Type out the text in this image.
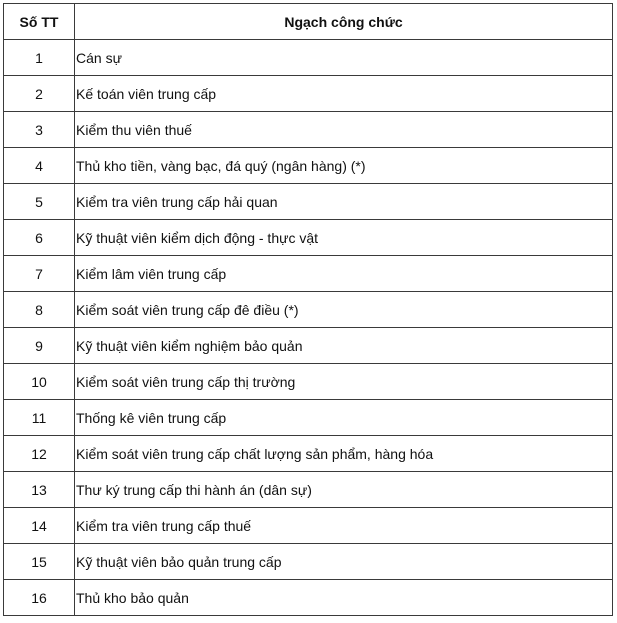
Số TT	Ngạch công chức
1	Cán sự
2	Kế toán viên trung cấp
3	Kiểm thu viên thuế
4	Thủ kho tiền, vàng bạc, đá quý (ngân hàng) (*)
5	Kiểm tra viên trung cấp hải quan
6	Kỹ thuật viên kiểm dịch động - thực vật
7	Kiểm lâm viên trung cấp
8	Kiểm soát viên trung cấp đê điều (*)
9	Kỹ thuật viên kiểm nghiệm bảo quản
10	Kiểm soát viên trung cấp thị trường
11	Thống kê viên trung cấp
12	Kiểm soát viên trung cấp chất lượng sản phẩm, hàng hóa
13	Thư ký trung cấp thi hành án (dân sự)
14	Kiểm tra viên trung cấp thuế
15	Kỹ thuật viên bảo quản trung cấp
16	Thủ kho bảo quản
